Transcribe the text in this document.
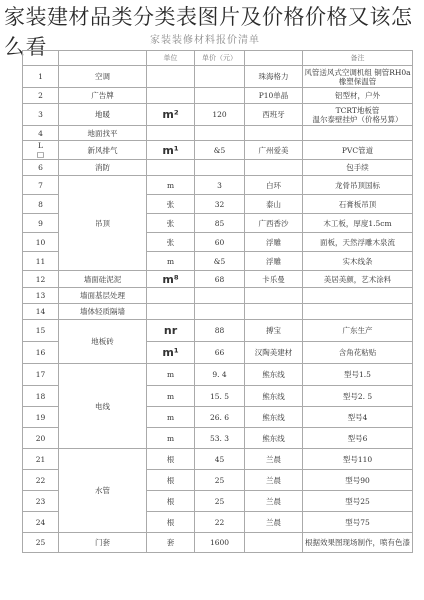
家装建材品类分类表图片及价格价格又该怎么看	家装装修材料报价清单
		单位	单价（元）		备注
1	空调			珠海格力	风管送风式空调机组 铜管RH0a
橡塑保温管
2	广告牌			P10单晶	铝型材，户外
3	地暖	m²	120	西班牙	TCRT地板管
温尔泰壁挂炉（价格另算）
4	地面找平				
L
□	新风排气	m¹	&5	广州爱美	PVC管道
6	消防				包手续
7	吊顶	m	3	白环	龙骨吊顶国标
8		张	32	泰山	石膏板吊顶
9		张	85	广西香沙	木工板，厚度1.5cm
10		张	60	浮雕	面板，天然浮雕木泉流
11		m	&5	浮雕	实木线条
12	墙面硅泥泥	m⁸	68	卡乐曼	美居美颜，艺术涂料
13	墙面基层处理				
14	墙体轻质隔墙				
15	地板砖	nr	88	搏宝	广东生产
16		m¹	66	汉陶美建材	含角花粘贴
17	电线	m	9. 4	熊东线	型号1.5
18		m	15. 5	熊东线	型号2. 5
19		m	26. 6	熊东线	型号4
20		m	53. 3	熊东线	型号6
21	水管	根	45	兰晨	型号110
22		根	25	兰晨	型号90
23		根	25	兰晨	型号25
24		根	22	兰晨	型号75
25	门套	套	1600		根据效果图现场制作，喷有色漆
